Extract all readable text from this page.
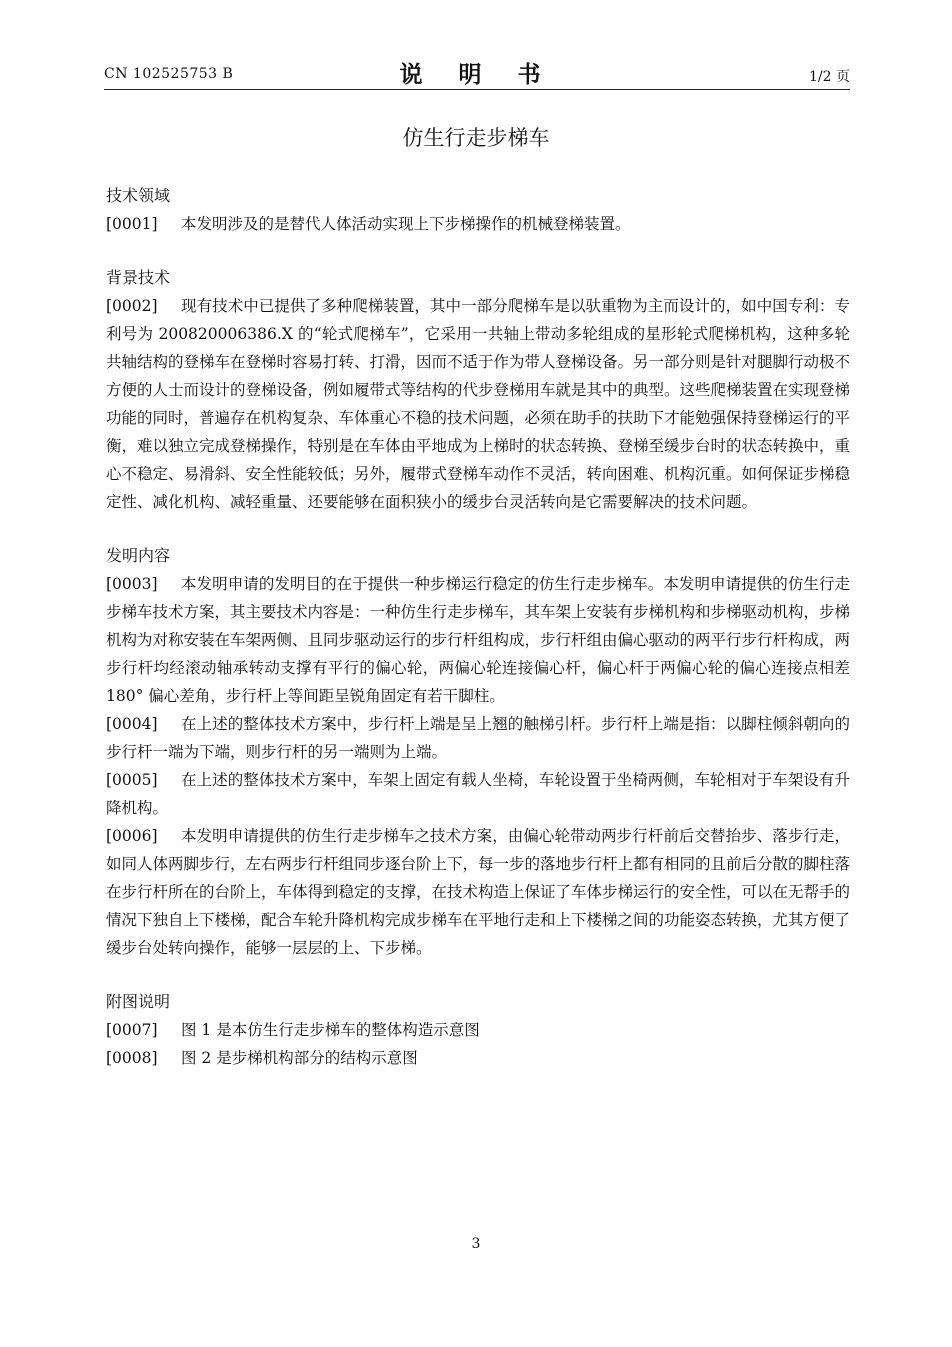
CN 102525753 B	说 明 书	1/2 页
仿生行走步梯车
技术领域

[0001] 本发明涉及的是替代人体活动实现上下步梯操作的机械登梯装置。

背景技术

[0002] 现有技术中已提供了多种爬梯装置，其中一部分爬梯车是以驮重物为主而设计的，如中国专利：专利号为 200820006386.X 的“轮式爬梯车”，它采用一共轴上带动多轮组成的星形轮式爬梯机构，这种多轮共轴结构的登梯车在登梯时容易打转、打滑，因而不适于作为带人登梯设备。另一部分则是针对腿脚行动极不方便的人士而设计的登梯设备，例如履带式等结构的代步登梯用车就是其中的典型。这些爬梯装置在实现登梯功能的同时，普遍存在机构复杂、车体重心不稳的技术问题，必须在助手的扶助下才能勉强保持登梯运行的平衡，难以独立完成登梯操作，特别是在车体由平地成为上梯时的状态转换、登梯至缓步台时的状态转换中，重心不稳定、易滑斜、安全性能较低；另外，履带式登梯车动作不灵活，转向困难、机构沉重。如何保证步梯稳定性、减化机构、减轻重量、还要能够在面积狭小的缓步台灵活转向是它需要解决的技术问题。

发明内容

[0003] 本发明申请的发明目的在于提供一种步梯运行稳定的仿生行走步梯车。本发明申请提供的仿生行走步梯车技术方案，其主要技术内容是：一种仿生行走步梯车，其车架上安装有步梯机构和步梯驱动机构，步梯机构为对称安装在车架两侧、且同步驱动运行的步行杆组构成，步行杆组由偏心驱动的两平行步行杆构成，两步行杆均经滚动轴承转动支撑有平行的偏心轮，两偏心轮连接偏心杆，偏心杆于两偏心轮的偏心连接点相差 180° 偏心差角，步行杆上等间距呈锐角固定有若干脚柱。

[0004] 在上述的整体技术方案中，步行杆上端是呈上翘的触梯引杆。步行杆上端是指：以脚柱倾斜朝向的步行杆一端为下端，则步行杆的另一端则为上端。

[0005] 在上述的整体技术方案中，车架上固定有载人坐椅，车轮设置于坐椅两侧，车轮相对于车架设有升降机构。

[0006] 本发明申请提供的仿生行走步梯车之技术方案，由偏心轮带动两步行杆前后交替抬步、落步行走，如同人体两脚步行，左右两步行杆组同步逐台阶上下，每一步的落地步行杆上都有相同的且前后分散的脚柱落在步行杆所在的台阶上，车体得到稳定的支撑，在技术构造上保证了车体步梯运行的安全性，可以在无帮手的情况下独自上下楼梯，配合车轮升降机构完成步梯车在平地行走和上下楼梯之间的功能姿态转换，尤其方便了缓步台处转向操作，能够一层层的上、下步梯。

附图说明

[0007] 图 1 是本仿生行走步梯车的整体构造示意图

[0008] 图 2 是步梯机构部分的结构示意图

3
